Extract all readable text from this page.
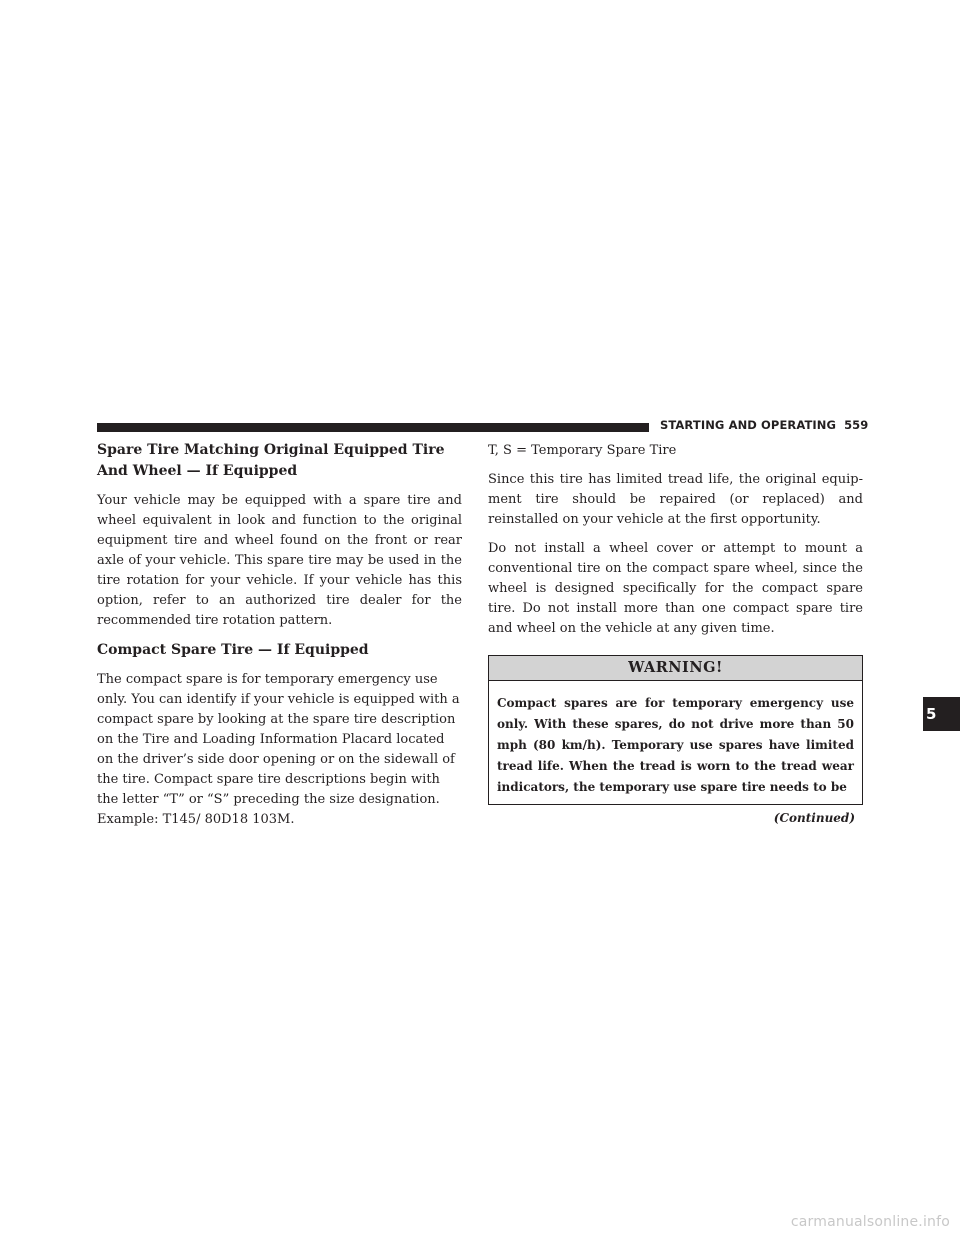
STARTING AND OPERATING 559
Spare Tire Matching Original Equipped Tire And Wheel — If Equipped

Your vehicle may be equipped with a spare tire and wheel equivalent in look and function to the original equipment tire and wheel found on the front or rear axle of your vehicle. This spare tire may be used in the tire rotation for your vehicle. If your vehicle has this option, refer to an authorized tire dealer for the recommended tire rotation pattern.

Compact Spare Tire — If Equipped

The compact spare is for temporary emergency use only. You can identify if your vehicle is equipped with a compact spare by looking at the spare tire description on the Tire and Loading Information Placard located on the driver’s side door opening or on the sidewall of the tire. Compact spare tire descriptions begin with the letter “T” or “S” preceding the size designation. Example: T145/ 80D18 103M.

T, S = Temporary Spare Tire

Since this tire has limited tread life, the original equip- ment tire should be repaired (or replaced) and reinstalled on your vehicle at the first opportunity.

Do not install a wheel cover or attempt to mount a conventional tire on the compact spare wheel, since the wheel is designed specifically for the compact spare tire. Do not install more than one compact spare tire and wheel on the vehicle at any given time.

WARNING!
Compact spares are for temporary emergency use only. With these spares, do not drive more than 50 mph (80 km/h). Temporary use spares have limited tread life. When the tread is worn to the tread wear indicators, the temporary use spare tire needs to be
(Continued)
5
carmanualsonline.info
